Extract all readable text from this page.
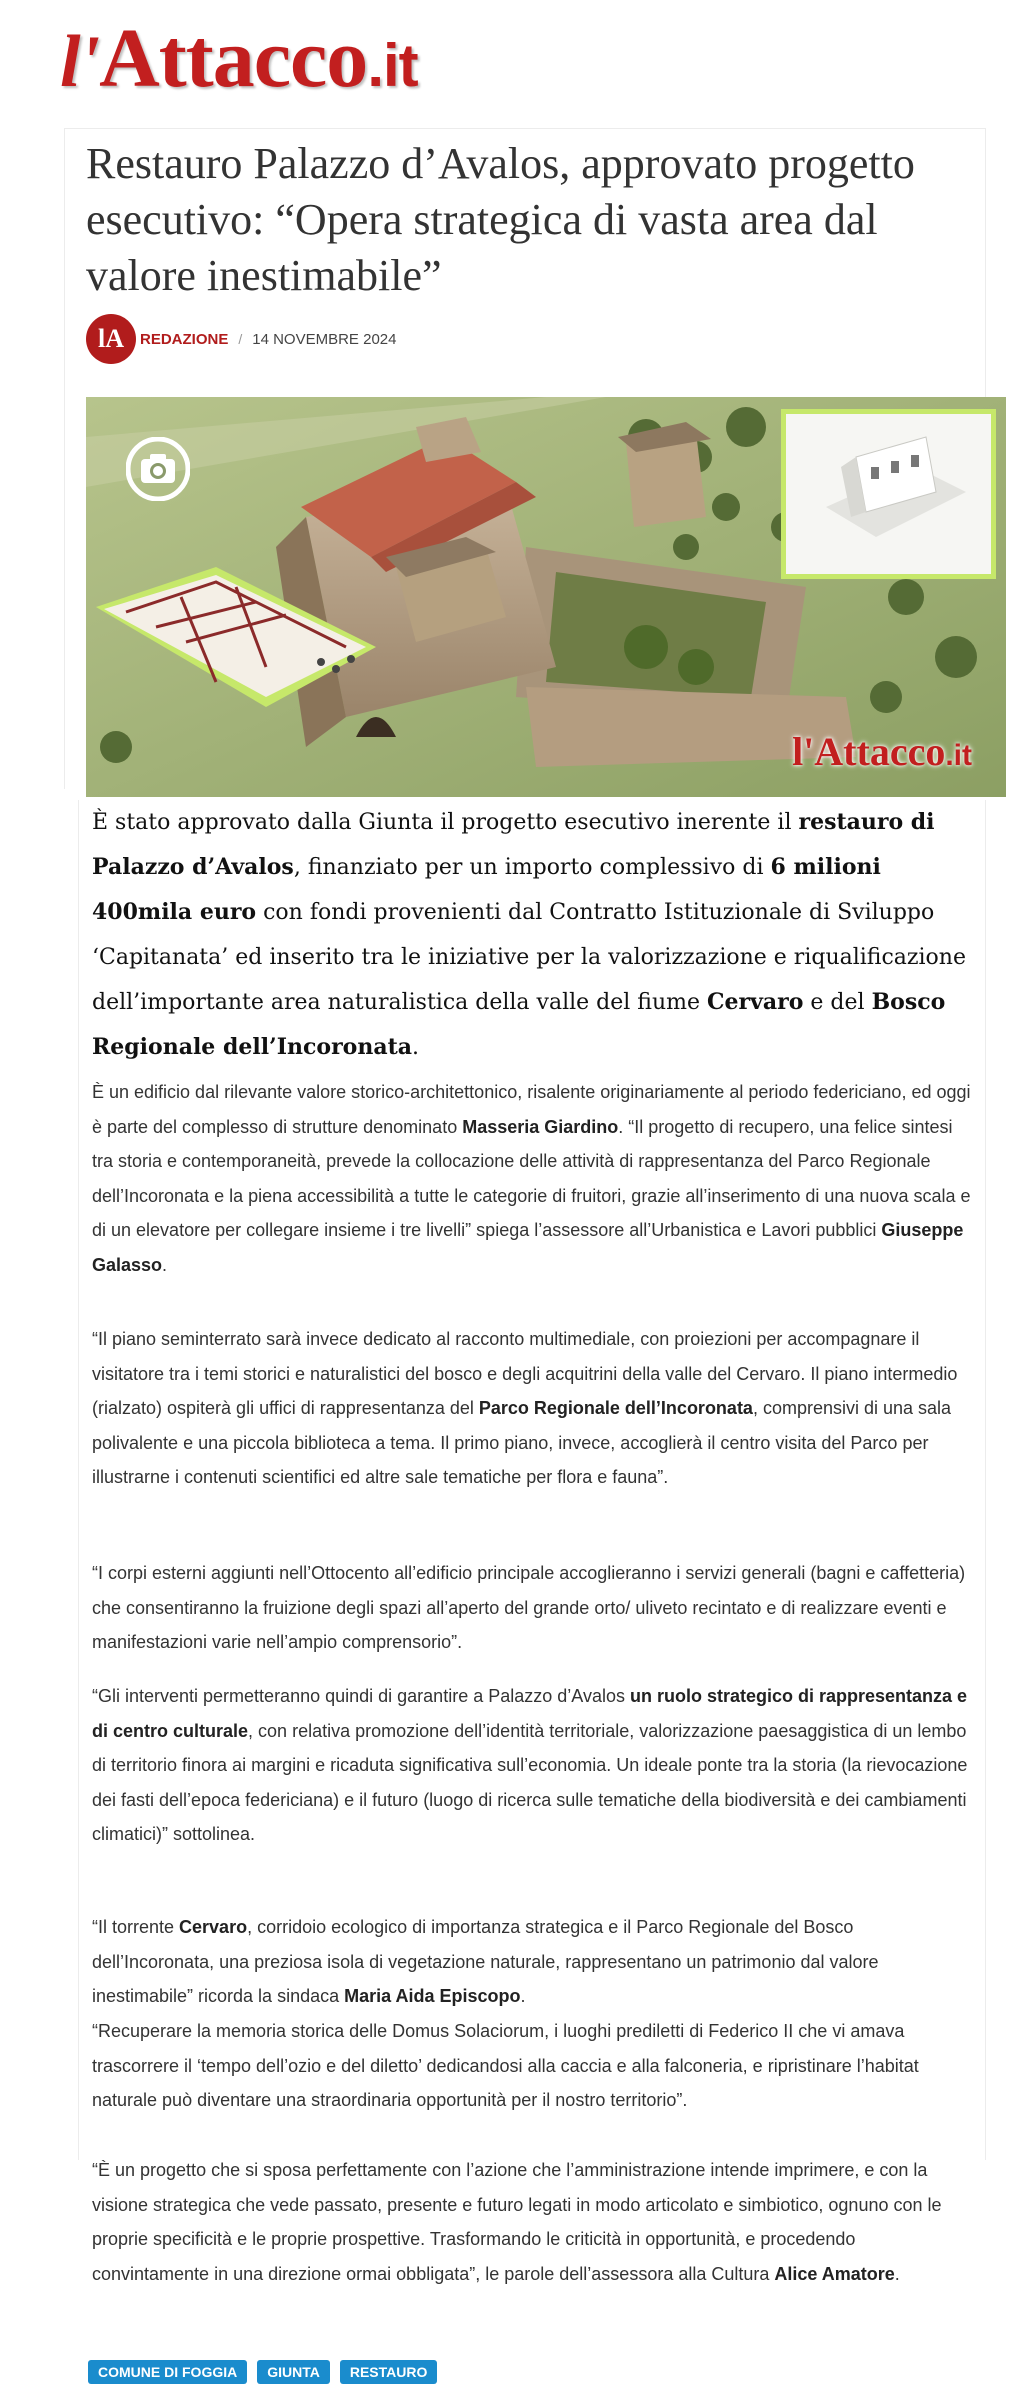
l'Attacco.it
Restauro Palazzo d’Avalos, approvato progetto esecutivo: “Opera strategica di vasta area dal valore inestimabile”
lA	REDAZIONE / 14 NOVEMBRE 2024
l'Attacco.it

È stato approvato dalla Giunta il progetto esecutivo inerente il restauro di Palazzo d’Avalos, finanziato per un importo complessivo di 6 milioni 400mila euro con fondi provenienti dal Contratto Istituzionale di Sviluppo ‘Capitanata’ ed inserito tra le iniziative per la valorizzazione e riqualificazione dell’importante area naturalistica della valle del fiume Cervaro e del Bosco Regionale dell’Incoronata.

È un edificio dal rilevante valore storico-architettonico, risalente originariamente al periodo federiciano, ed oggi è parte del complesso di strutture denominato Masseria Giardino. “Il progetto di recupero, una felice sintesi tra storia e contemporaneità, prevede la collocazione delle attività di rappresentanza del Parco Regionale dell’Incoronata e la piena accessibilità a tutte le categorie di fruitori, grazie all’inserimento di una nuova scala e di un elevatore per collegare insieme i tre livelli” spiega l’assessore all’Urbanistica e Lavori pubblici Giuseppe Galasso.

“Il piano seminterrato sarà invece dedicato al racconto multimediale, con proiezioni per accompagnare il visitatore tra i temi storici e naturalistici del bosco e degli acquitrini della valle del Cervaro. Il piano intermedio (rialzato) ospiterà gli uffici di rappresentanza del Parco Regionale dell’Incoronata, comprensivi di una sala polivalente e una piccola biblioteca a tema. Il primo piano, invece, accoglierà il centro visita del Parco per illustrarne i contenuti scientifici ed altre sale tematiche per flora e fauna”.

“I corpi esterni aggiunti nell’Ottocento all’edificio principale accoglieranno i servizi generali (bagni e caffetteria) che consentiranno la fruizione degli spazi all’aperto del grande orto/ uliveto recintato e di realizzare eventi e manifestazioni varie nell’ampio comprensorio”.

“Gli interventi permetteranno quindi di garantire a Palazzo d’Avalos un ruolo strategico di rappresentanza e di centro culturale, con relativa promozione dell’identità territoriale, valorizzazione paesaggistica di un lembo di territorio finora ai margini e ricaduta significativa sull’economia. Un ideale ponte tra la storia (la rievocazione dei fasti dell’epoca federiciana) e il futuro (luogo di ricerca sulle tematiche della biodiversità e dei cambiamenti climatici)” sottolinea.

“Il torrente Cervaro, corridoio ecologico di importanza strategica e il Parco Regionale del Bosco dell’Incoronata, una preziosa isola di vegetazione naturale, rappresentano un patrimonio dal valore inestimabile” ricorda la sindaca Maria Aida Episcopo.

“Recuperare la memoria storica delle Domus Solaciorum, i luoghi prediletti di Federico II che vi amava trascorrere il ‘tempo dell’ozio e del diletto’ dedicandosi alla caccia e alla falconeria, e ripristinare l’habitat naturale può diventare una straordinaria opportunità per il nostro territorio”.

“È un progetto che si sposa perfettamente con l’azione che l’amministrazione intende imprimere, e con la visione strategica che vede passato, presente e futuro legati in modo articolato e simbiotico, ognuno con le proprie specificità e le proprie prospettive. Trasformando le criticità in opportunità, e procedendo convintamente in una direzione ormai obbligata”, le parole dell’assessora alla Cultura Alice Amatore.

COMUNE DI FOGGIA	GIUNTA	RESTAURO
